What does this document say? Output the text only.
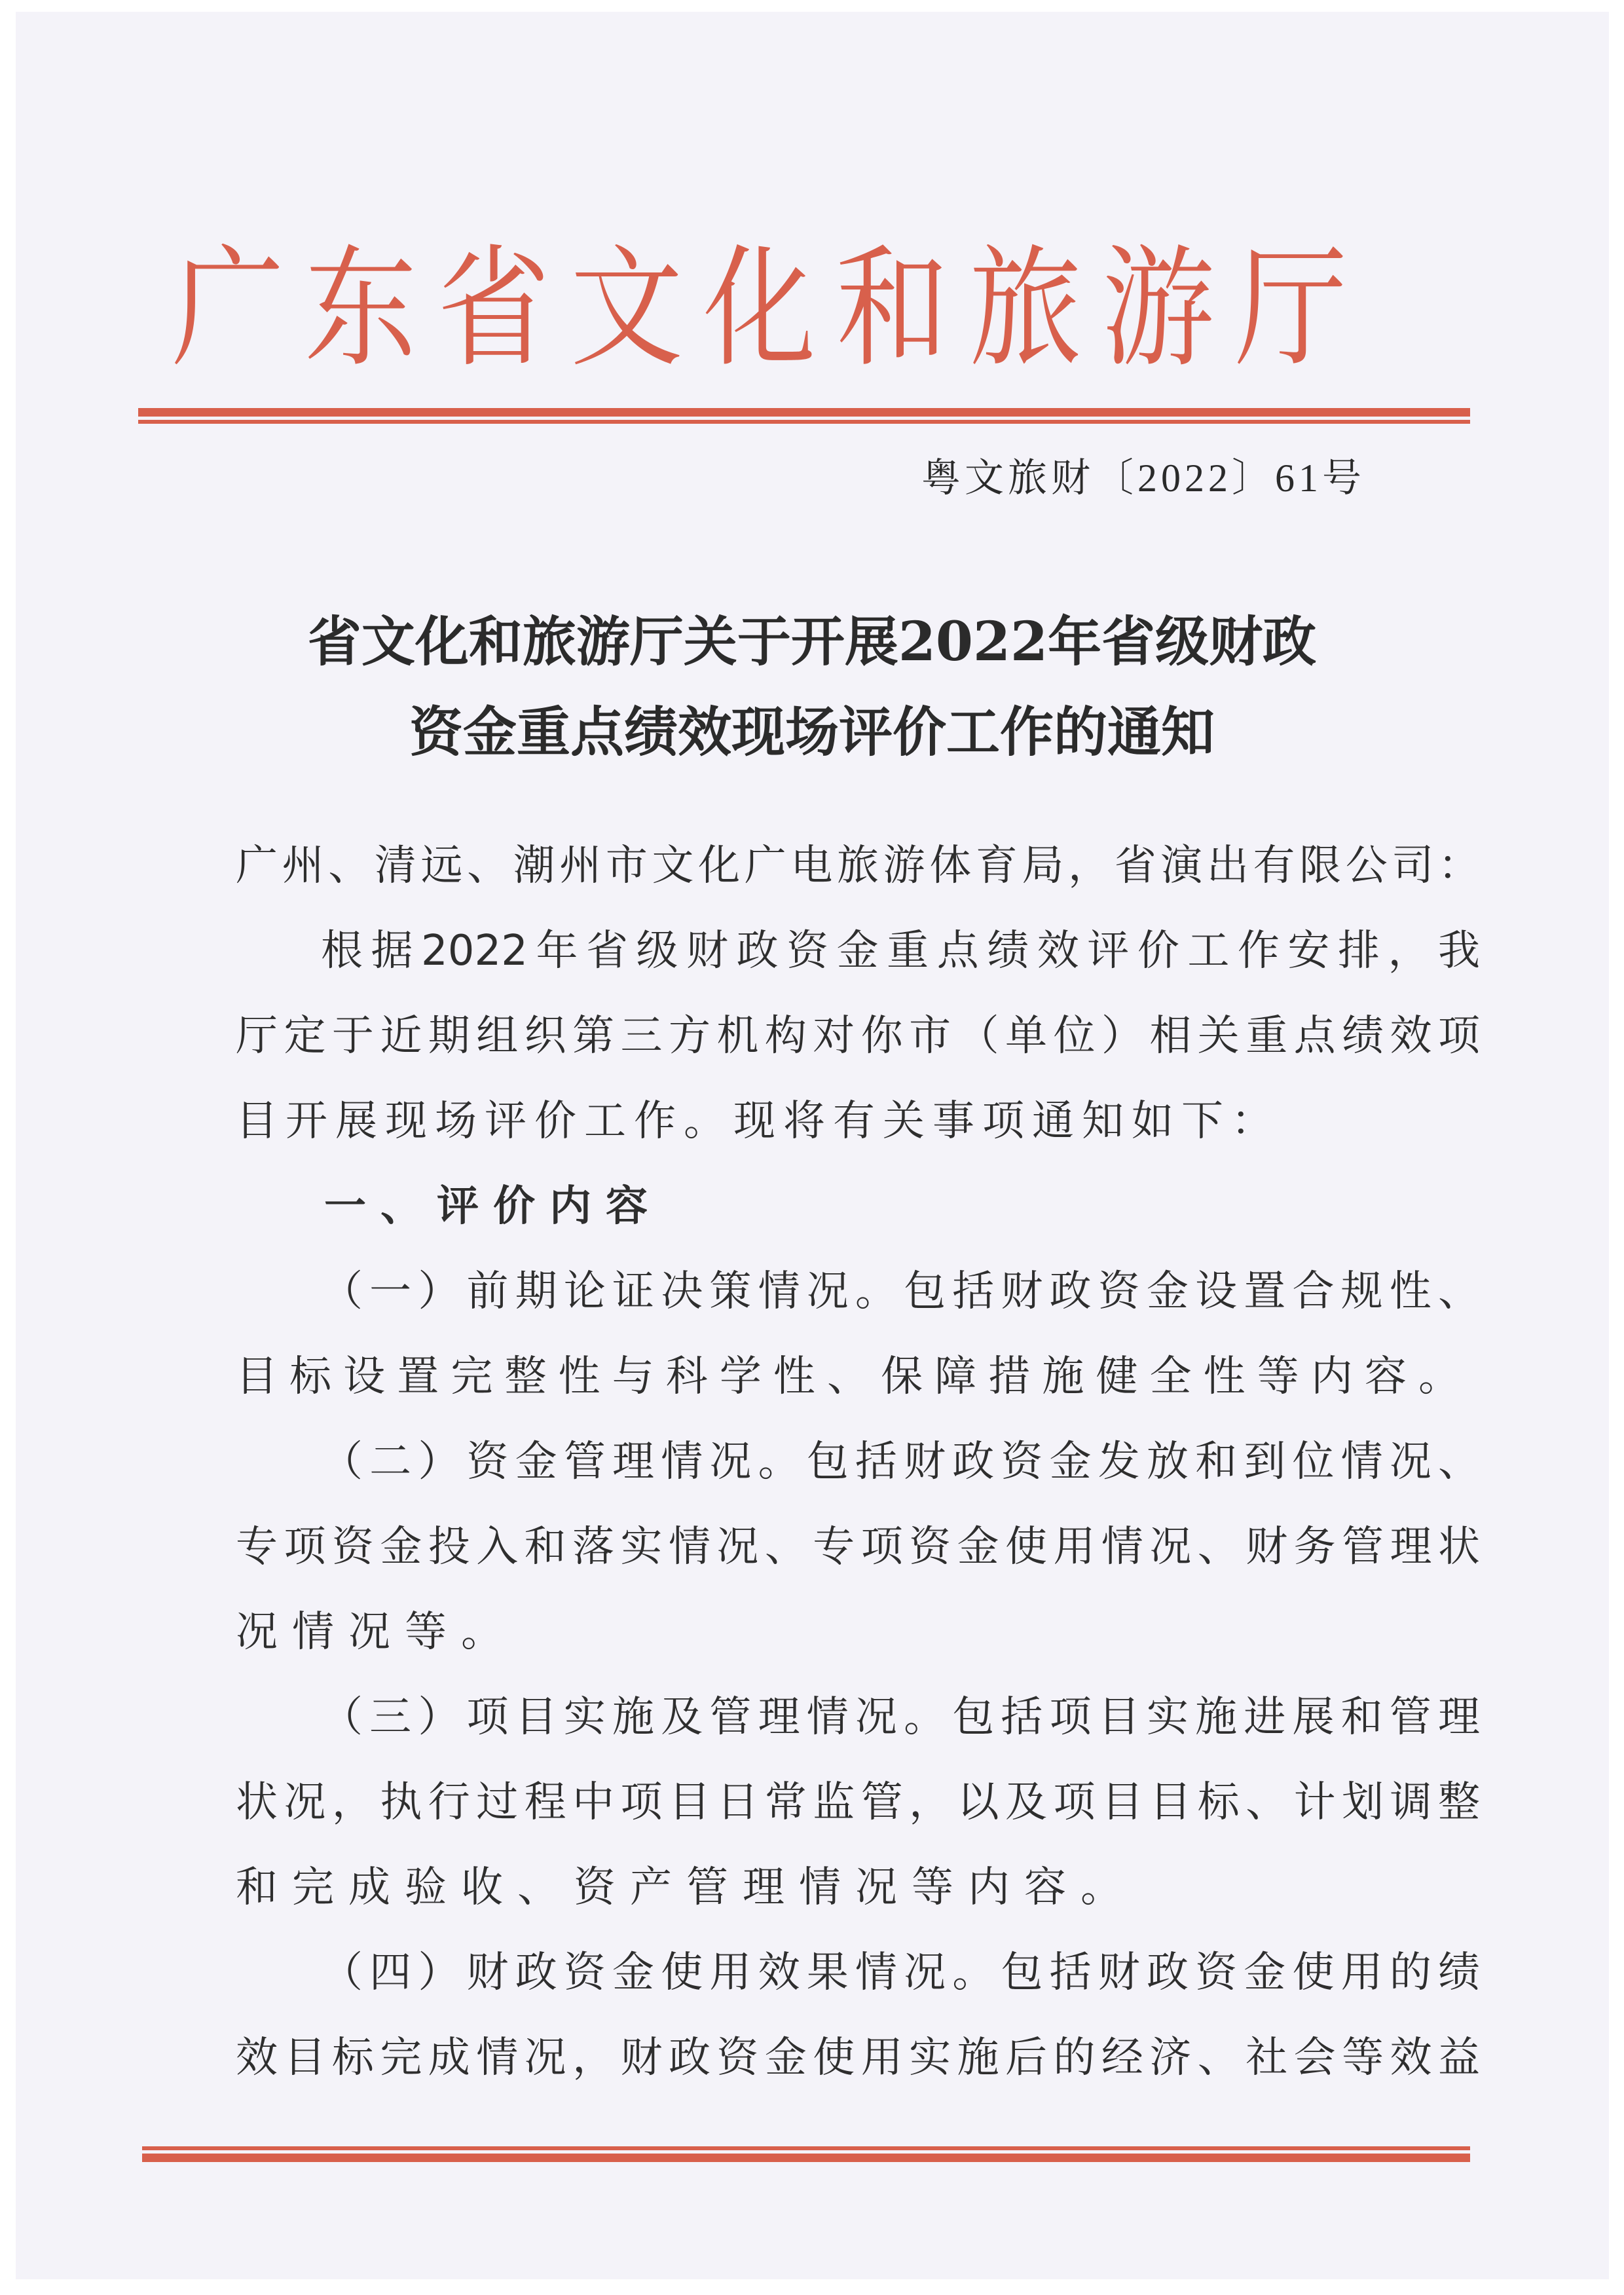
广东省文化和旅游厅
粤文旅财〔2022〕61号
省文化和旅游厅关于开展2022年省级财政
资金重点绩效现场评价工作的通知
广州、清远、潮州市文化广电旅游体育局，省演出有限公司：
根据2022年省级财政资金重点绩效评价工作安排，我
厅定于近期组织第三方机构对你市（单位）相关重点绩效项
目开展现场评价工作。现将有关事项通知如下：
一、评价内容
（一）前期论证决策情况。包括财政资金设置合规性、
目标设置完整性与科学性、保障措施健全性等内容。
（二）资金管理情况。包括财政资金发放和到位情况、
专项资金投入和落实情况、专项资金使用情况、财务管理状
况情况等。
（三）项目实施及管理情况。包括项目实施进展和管理
状况，执行过程中项目日常监管，以及项目目标、计划调整
和完成验收、资产管理情况等内容。
（四）财政资金使用效果情况。包括财政资金使用的绩
效目标完成情况，财政资金使用实施后的经济、社会等效益
